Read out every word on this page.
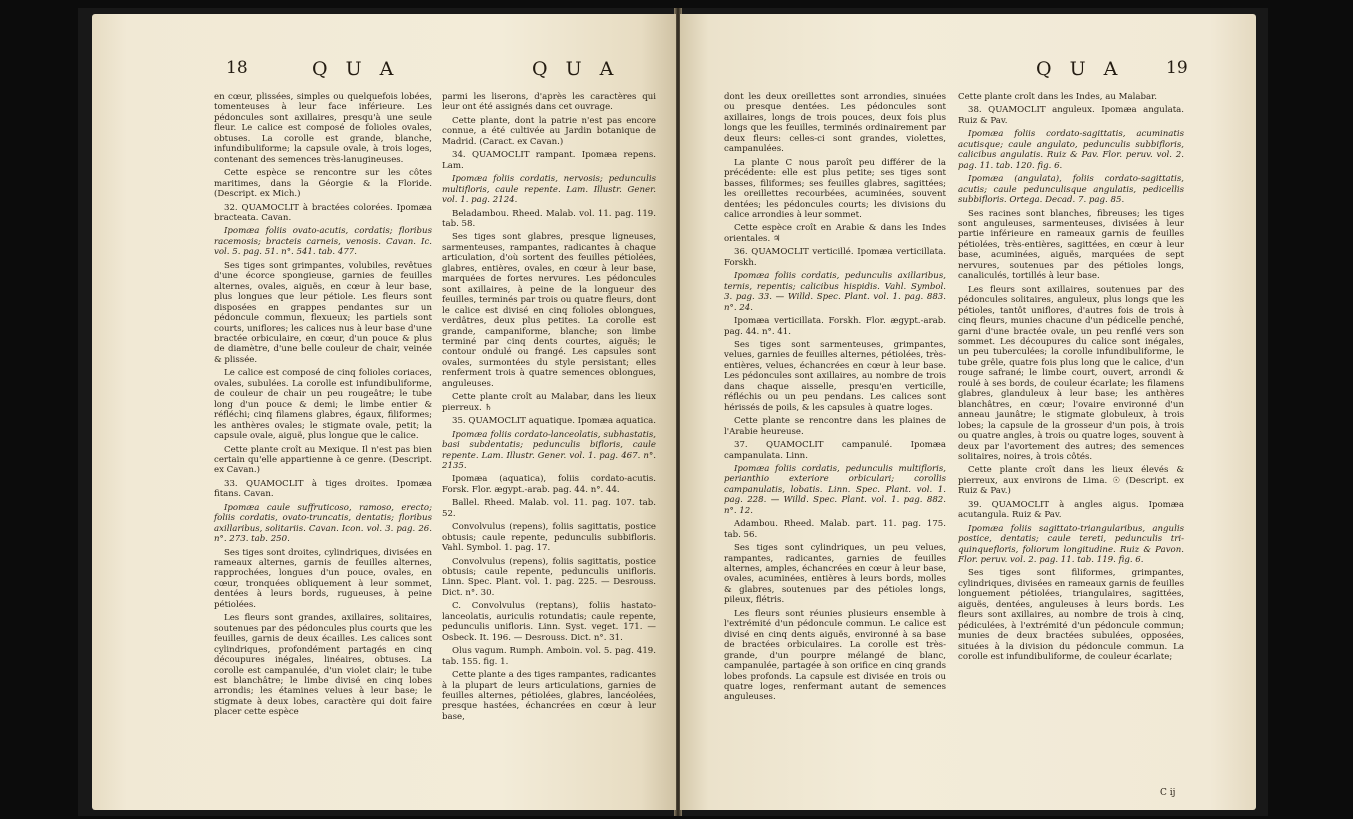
18	Q U A	Q U A

en cœur, plissées, simples ou quelquefois lobées, tomenteuses à leur face inférieure. Les pédoncules sont axillaires, presqu'à une seule fleur. Le calice est composé de folioles ovales, obtuses. La corolle est grande, blanche, infundibuliforme; la capsule ovale, à trois loges, contenant des semences très-lanugineuses.

Cette espèce se rencontre sur les côtes maritimes, dans la Géorgie & la Floride. (Descript. ex Mich.)

32. QUAMOCLIT à bractées colorées. Ipomæa bracteata. Cavan.

Ipomæa foliis ovato-acutis, cordatis; floribus racemosis; bracteis carneis, venosis. Cavan. Ic. vol. 5. pag. 51. n°. 541. tab. 477.

Ses tiges sont grimpantes, volubiles, revêtues d'une écorce spongieuse, garnies de feuilles alternes, ovales, aiguës, en cœur à leur base, plus longues que leur pétiole. Les fleurs sont disposées en grappes pendantes sur un pédoncule commun, flexueux; les partiels sont courts, uniflores; les calices nus à leur base d'une bractée orbiculaire, en cœur, d'un pouce & plus de diamètre, d'une belle couleur de chair, veinée & plissée.

Le calice est composé de cinq folioles coriaces, ovales, subulées. La corolle est infundibuliforme, de couleur de chair un peu rougeâtre; le tube long d'un pouce & demi; le limbe entier & réfléchi; cinq filamens glabres, égaux, filiformes; les anthères ovales; le stigmate ovale, petit; la capsule ovale, aiguë, plus longue que le calice.

Cette plante croît au Mexique. Il n'est pas bien certain qu'elle appartienne à ce genre. (Descript. ex Cavan.)

33. QUAMOCLIT à tiges droites. Ipomæa fitans. Cavan.

Ipomæa caule suffruticoso, ramoso, erecto; foliis cordatis, ovato-truncatis, dentatis; floribus axillaribus, solitariis. Cavan. Icon. vol. 3. pag. 26. n°. 273. tab. 250.

Ses tiges sont droites, cylindriques, divisées en rameaux alternes, garnis de feuilles alternes, rapprochées, longues d'un pouce, ovales, en cœur, tronquées obliquement à leur sommet, dentées à leurs bords, rugueuses, à peine pétiolées.

Les fleurs sont grandes, axillaires, solitaires, soutenues par des pédoncules plus courts que les feuilles, garnis de deux écailles. Les calices sont cylindriques, profondément partagés en cinq découpures inégales, linéaires, obtuses. La corolle est campanulée, d'un violet clair; le tube est blanchâtre; le limbe divisé en cinq lobes arrondis; les étamines velues à leur base; le stigmate à deux lobes, caractère qui doit faire placer cette espèce

parmi les liserons, d'après les caractères qui leur ont été assignés dans cet ouvrage.

Cette plante, dont la patrie n'est pas encore connue, a été cultivée au Jardin botanique de Madrid. (Caract. ex Cavan.)

34. QUAMOCLIT rampant. Ipomæa repens. Lam.

Ipomæa foliis cordatis, nervosis; pedunculis multifloris, caule repente. Lam. Illustr. Gener. vol. 1. pag. 2124.

Beladambou. Rheed. Malab. vol. 11. pag. 119. tab. 58.

Ses tiges sont glabres, presque ligneuses, sarmenteuses, rampantes, radicantes à chaque articulation, d'où sortent des feuilles pétiolées, glabres, entières, ovales, en cœur à leur base, marquées de fortes nervures. Les pédoncules sont axillaires, à peine de la longueur des feuilles, terminés par trois ou quatre fleurs, dont le calice est divisé en cinq folioles oblongues, verdâtres, deux plus petites. La corolle est grande, campaniforme, blanche; son limbe terminé par cinq dents courtes, aiguës; le contour ondulé ou frangé. Les capsules sont ovales, surmontées du style persistant; elles renferment trois à quatre semences oblongues, anguleuses.

Cette plante croît au Malabar, dans les lieux pierreux. ♄

35. QUAMOCLIT aquatique. Ipomæa aquatica.

Ipomæa foliis cordato-lanceolatis, subhastatis, basi subdentatis; pedunculis bifloris, caule repente. Lam. Illustr. Gener. vol. 1. pag. 467. n°. 2135.

Ipomæa (aquatica), foliis cordato-acutis. Forsk. Flor. ægypt.-arab. pag. 44. n°. 44.

Ballel. Rheed. Malab. vol. 11. pag. 107. tab. 52.

Convolvulus (repens), foliis sagittatis, postice obtusis; caule repente, pedunculis subbifloris. Vahl. Symbol. 1. pag. 17.

Convolvulus (repens), foliis sagittatis, postice obtusis; caule repente, pedunculis unifloris. Linn. Spec. Plant. vol. 1. pag. 225. — Desrouss. Dict. n°. 30.

C. Convolvulus (reptans), foliis hastato-lanceolatis, auriculis rotundatis; caule repente, pedunculis unifloris. Linn. Syst. veget. 171. — Osbeck. It. 196. — Desrouss. Dict. n°. 31.

Olus vagum. Rumph. Amboin. vol. 5. pag. 419. tab. 155. fig. 1.

Cette plante a des tiges rampantes, radicantes à la plupart de leurs articulations, garnies de feuilles alternes, pétiolées, glabres, lancéolées, presque hastées, échancrées en cœur à leur base,

Q U A	19

dont les deux oreillettes sont arrondies, sinuées ou presque dentées. Les pédoncules sont axillaires, longs de trois pouces, deux fois plus longs que les feuilles, terminés ordinairement par deux fleurs: celles-ci sont grandes, violettes, campanulées.

La plante C nous paroît peu différer de la précédente: elle est plus petite; ses tiges sont basses, filiformes; ses feuilles glabres, sagittées; les oreillettes recourbées, acuminées, souvent dentées; les pédoncules courts; les divisions du calice arrondies à leur sommet.

Cette espèce croît en Arabie & dans les Indes orientales. ♃

36. QUAMOCLIT verticillé. Ipomæa verticillata. Forskh.

Ipomæa foliis cordatis, pedunculis axillaribus, ternis, repentis; calicibus hispidis. Vahl. Symbol. 3. pag. 33. — Willd. Spec. Plant. vol. 1. pag. 883. n°. 24.

Ipomæa verticillata. Forskh. Flor. ægypt.-arab. pag. 44. n°. 41.

Ses tiges sont sarmenteuses, grimpantes, velues, garnies de feuilles alternes, pétiolées, très-entières, velues, échancrées en cœur à leur base. Les pédoncules sont axillaires, au nombre de trois dans chaque aisselle, presqu'en verticille, réfléchis ou un peu pendans. Les calices sont hérissés de poils, & les capsules à quatre loges.

Cette plante se rencontre dans les plaines de l'Arabie heureuse.

37. QUAMOCLIT campanulé. Ipomæa campanulata. Linn.

Ipomæa foliis cordatis, pedunculis multifloris, perianthio exteriore orbiculari; corollis campanulatis, lobatis. Linn. Spec. Plant. vol. 1. pag. 228. — Willd. Spec. Plant. vol. 1. pag. 882. n°. 12.

Adambou. Rheed. Malab. part. 11. pag. 175. tab. 56.

Ses tiges sont cylindriques, un peu velues, rampantes, radicantes, garnies de feuilles alternes, amples, échancrées en cœur à leur base, ovales, acuminées, entières à leurs bords, molles & glabres, soutenues par des pétioles longs, pileux, flétris.

Les fleurs sont réunies plusieurs ensemble à l'extrémité d'un pédoncule commun. Le calice est divisé en cinq dents aiguës, environné à sa base de bractées orbiculaires. La corolle est très-grande, d'un pourpre mélangé de blanc, campanulée, partagée à son orifice en cinq grands lobes profonds. La capsule est divisée en trois ou quatre loges, renfermant autant de semences anguleuses.

Cette plante croît dans les Indes, au Malabar.

38. QUAMOCLIT anguleux. Ipomæa angulata. Ruiz & Pav.

Ipomæa foliis cordato-sagittatis, acuminatis acutisque; caule angulato, pedunculis subbifloris, calicibus angulatis. Ruiz & Pav. Flor. peruv. vol. 2. pag. 11. tab. 120. fig. 6.

Ipomæa (angulata), foliis cordato-sagittatis, acutis; caule pedunculisque angulatis, pedicellis subbifloris. Ortega. Decad. 7. pag. 85.

Ses racines sont blanches, fibreuses; les tiges sont anguleuses, sarmenteuses, divisées à leur partie inférieure en rameaux garnis de feuilles pétiolées, très-entières, sagittées, en cœur à leur base, acuminées, aiguës, marquées de sept nervures, soutenues par des pétioles longs, canaliculés, tortillés à leur base.

Les fleurs sont axillaires, soutenues par des pédoncules solitaires, anguleux, plus longs que les pétioles, tantôt uniflores, d'autres fois de trois à cinq fleurs, munies chacune d'un pédicelle penché, garni d'une bractée ovale, un peu renflé vers son sommet. Les découpures du calice sont inégales, un peu tuberculées; la corolle infundibuliforme, le tube grêle, quatre fois plus long que le calice, d'un rouge safrané; le limbe court, ouvert, arrondi & roulé à ses bords, de couleur écarlate; les filamens glabres, glanduleux à leur base; les anthères blanchâtres, en cœur; l'ovaire environné d'un anneau jaunâtre; le stigmate globuleux, à trois lobes; la capsule de la grosseur d'un pois, à trois ou quatre angles, à trois ou quatre loges, souvent à deux par l'avortement des autres; des semences solitaires, noires, à trois côtés.

Cette plante croît dans les lieux élevés & pierreux, aux environs de Lima. ☉ (Descript. ex Ruiz & Pav.)

39. QUAMOCLIT à angles aigus. Ipomæa acutangula. Ruiz & Pav.

Ipomæa foliis sagittato-triangularibus, angulis postice, dentatis; caule tereti, pedunculis tri-quinquefloris, foliorum longitudine. Ruiz & Pavon. Flor. peruv. vol. 2. pag. 11. tab. 119. fig. 6.

Ses tiges sont filiformes, grimpantes, cylindriques, divisées en rameaux garnis de feuilles longuement pétiolées, triangulaires, sagittées, aiguës, dentées, anguleuses à leurs bords. Les fleurs sont axillaires, au nombre de trois à cinq, pédiculées, à l'extrémité d'un pédoncule commun; munies de deux bractées subulées, opposées, situées à la division du pédoncule commun. La corolle est infundibuliforme, de couleur écarlate;

C ij
